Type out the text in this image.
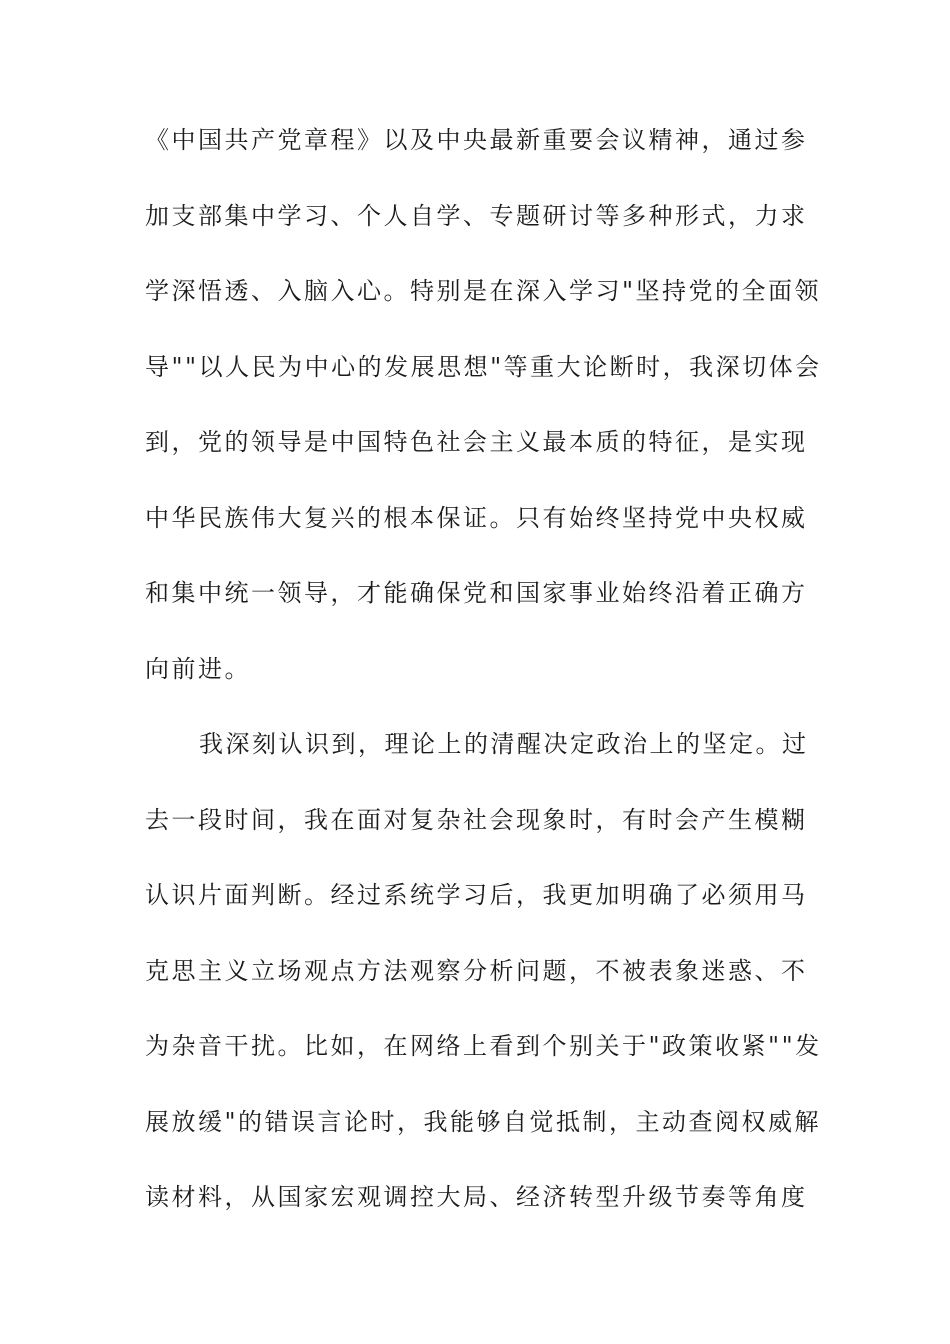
《中国共产党章程》以及中央最新重要会议精神，通过参
加支部集中学习、个人自学、专题研讨等多种形式，力求
学深悟透、入脑入心。特别是在深入学习"坚持党的全面领
导""以人民为中心的发展思想"等重大论断时，我深切体会
到，党的领导是中国特色社会主义最本质的特征，是实现
中华民族伟大复兴的根本保证。只有始终坚持党中央权威
和集中统一领导，才能确保党和国家事业始终沿着正确方
向前进。
我深刻认识到，理论上的清醒决定政治上的坚定。过
去一段时间，我在面对复杂社会现象时，有时会产生模糊
认识片面判断。经过系统学习后，我更加明确了必须用马
克思主义立场观点方法观察分析问题，不被表象迷惑、不
为杂音干扰。比如，在网络上看到个别关于"政策收紧""发
展放缓"的错误言论时，我能够自觉抵制，主动查阅权威解
读材料，从国家宏观调控大局、经济转型升级节奏等角度
